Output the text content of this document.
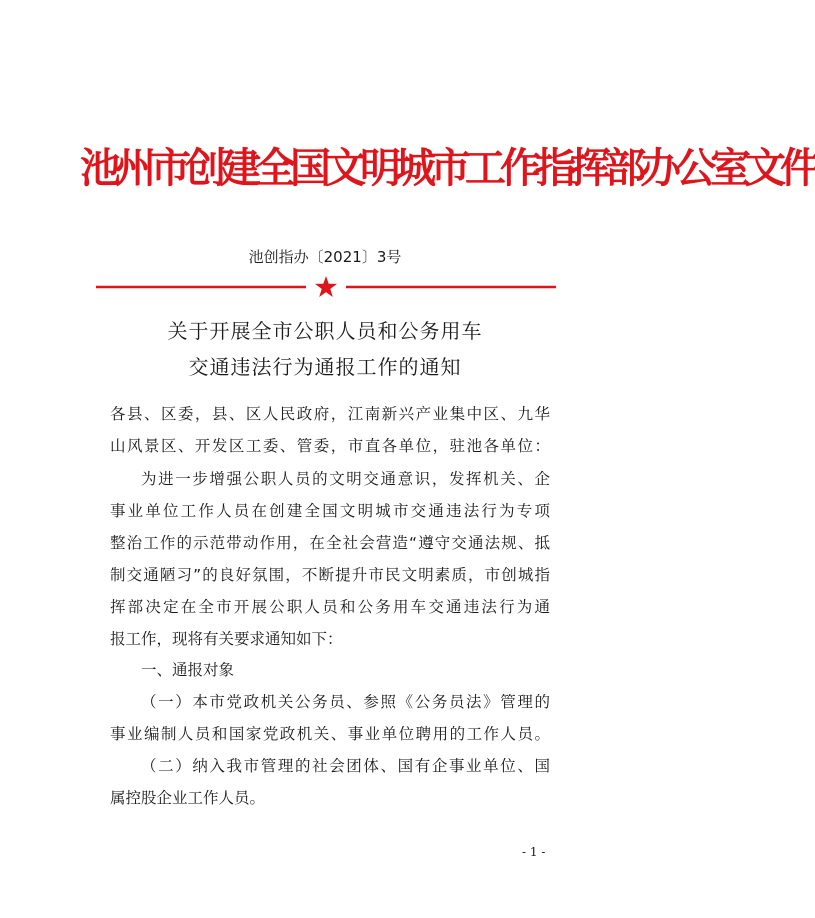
池州市创建全国文明城市工作指挥部办公室文件
池创指办〔2021〕3号
关于开展全市公职人员和公务用车
交通违法行为通报工作的通知
各县、区委，县、区人民政府，江南新兴产业集中区、九华
山风景区、开发区工委、管委，市直各单位，驻池各单位：
为进一步增强公职人员的文明交通意识，发挥机关、企
事业单位工作人员在创建全国文明城市交通违法行为专项
整治工作的示范带动作用，在全社会营造“遵守交通法规、抵
制交通陋习”的良好氛围，不断提升市民文明素质，市创城指
挥部决定在全市开展公职人员和公务用车交通违法行为通
报工作，现将有关要求通知如下：
一、通报对象
（一）本市党政机关公务员、参照《公务员法》管理的
事业编制人员和国家党政机关、事业单位聘用的工作人员。
（二）纳入我市管理的社会团体、国有企事业单位、国
属控股企业工作人员。
- 1 -
